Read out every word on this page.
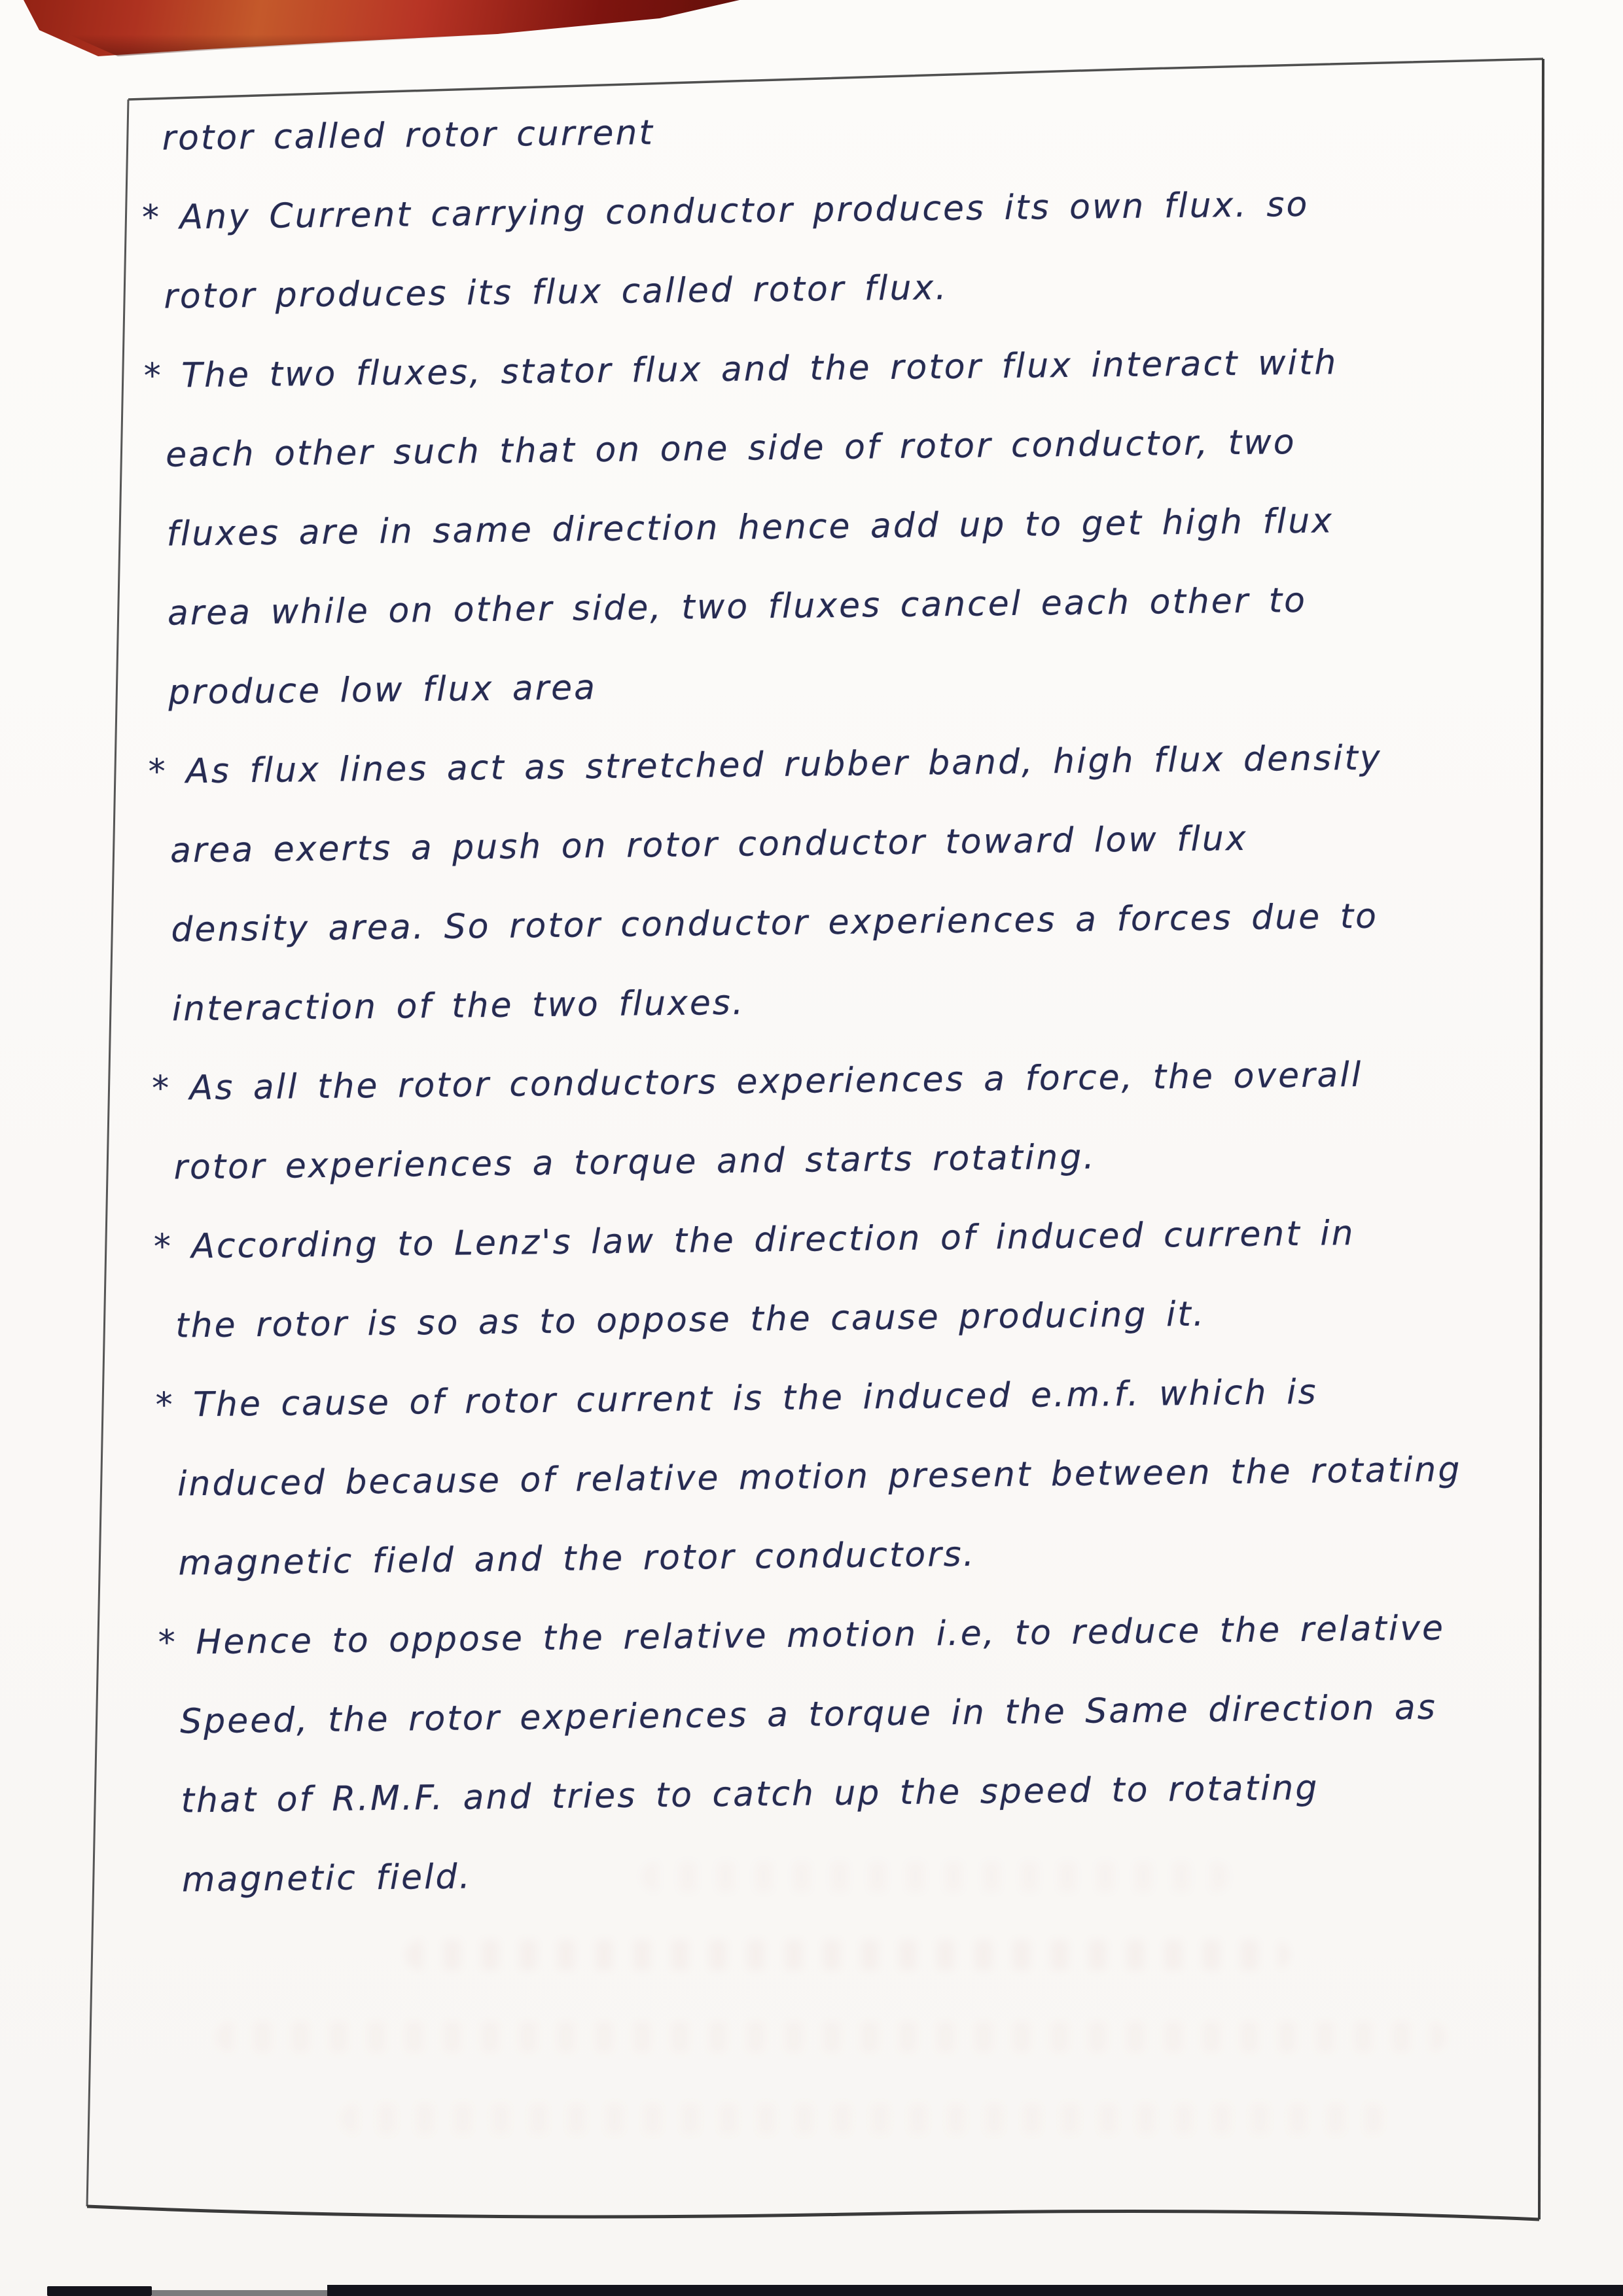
rotor called rotor current
* Any Current carrying conductor produces its own flux. so
rotor produces its flux called rotor flux.
* The two fluxes, stator flux and the rotor flux interact with
each other such that on one side of rotor conductor, two
fluxes are in same direction hence add up to get high flux
area while on other side, two fluxes cancel each other to
produce low flux area
* As flux lines act as stretched rubber band, high flux density
area exerts a push on rotor conductor toward low flux
density area. So rotor conductor experiences a forces due to
interaction of the two fluxes.
* As all the rotor conductors experiences a force, the overall
rotor experiences a torque and starts rotating.
* According to Lenz's law the direction of induced current in
the rotor is so as to oppose the cause producing it.
* The cause of rotor current is the induced e.m.f. which is
induced because of relative motion present between the rotating
magnetic field and the rotor conductors.
* Hence to oppose the relative motion i.e, to reduce the relative
Speed, the rotor experiences a torque in the Same direction as
that of R.M.F. and tries to catch up the speed to rotating
magnetic field.
